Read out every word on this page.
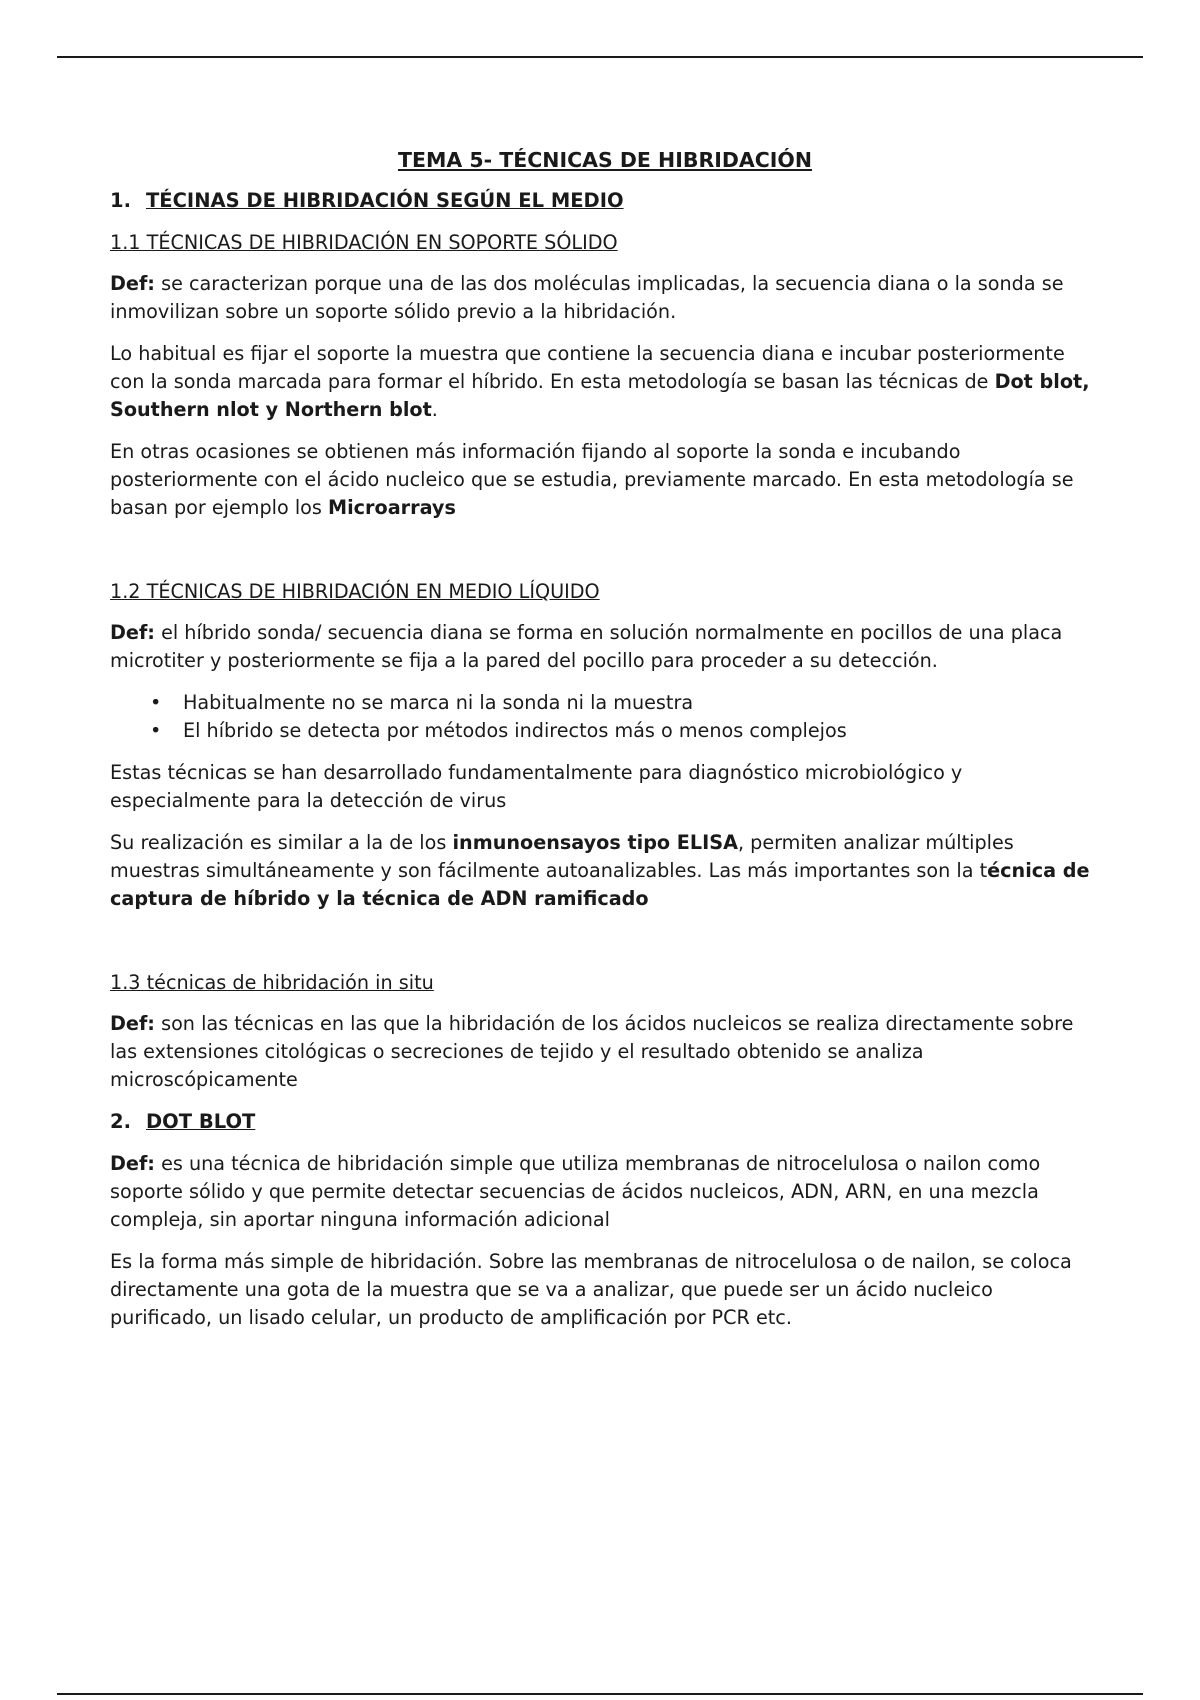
TEMA 5- TÉCNICAS DE HIBRIDACIÓN
1. TÉCINAS DE HIBRIDACIÓN SEGÚN EL MEDIO
1.1 TÉCNICAS DE HIBRIDACIÓN EN SOPORTE SÓLIDO

Def: se caracterizan porque una de las dos moléculas implicadas, la secuencia diana o la sonda se inmovilizan sobre un soporte sólido previo a la hibridación.

Lo habitual es fijar el soporte la muestra que contiene la secuencia diana e incubar posteriormente con la sonda marcada para formar el híbrido. En esta metodología se basan las técnicas de Dot blot, Southern nlot y Northern blot.

En otras ocasiones se obtienen más información fijando al soporte la sonda e incubando posteriormente con el ácido nucleico que se estudia, previamente marcado. En esta metodología se basan por ejemplo los Microarrays

1.2 TÉCNICAS DE HIBRIDACIÓN EN MEDIO LÍQUIDO

Def: el híbrido sonda/ secuencia diana se forma en solución normalmente en pocillos de una placa microtiter y posteriormente se fija a la pared del pocillo para proceder a su detección.

• Habitualmente no se marca ni la sonda ni la muestra
• El híbrido se detecta por métodos indirectos más o menos complejos

Estas técnicas se han desarrollado fundamentalmente para diagnóstico microbiológico y especialmente para la detección de virus

Su realización es similar a la de los inmunoensayos tipo ELISA, permiten analizar múltiples muestras simultáneamente y son fácilmente autoanalizables. Las más importantes son la técnica de captura de híbrido y la técnica de ADN ramificado

1.3 técnicas de hibridación in situ

Def: son las técnicas en las que la hibridación de los ácidos nucleicos se realiza directamente sobre las extensiones citológicas o secreciones de tejido y el resultado obtenido se analiza microscópicamente

2. DOT BLOT

Def: es una técnica de hibridación simple que utiliza membranas de nitrocelulosa o nailon como soporte sólido y que permite detectar secuencias de ácidos nucleicos, ADN, ARN, en una mezcla compleja, sin aportar ninguna información adicional

Es la forma más simple de hibridación. Sobre las membranas de nitrocelulosa o de nailon, se coloca directamente una gota de la muestra que se va a analizar, que puede ser un ácido nucleico purificado, un lisado celular, un producto de amplificación por PCR etc.
